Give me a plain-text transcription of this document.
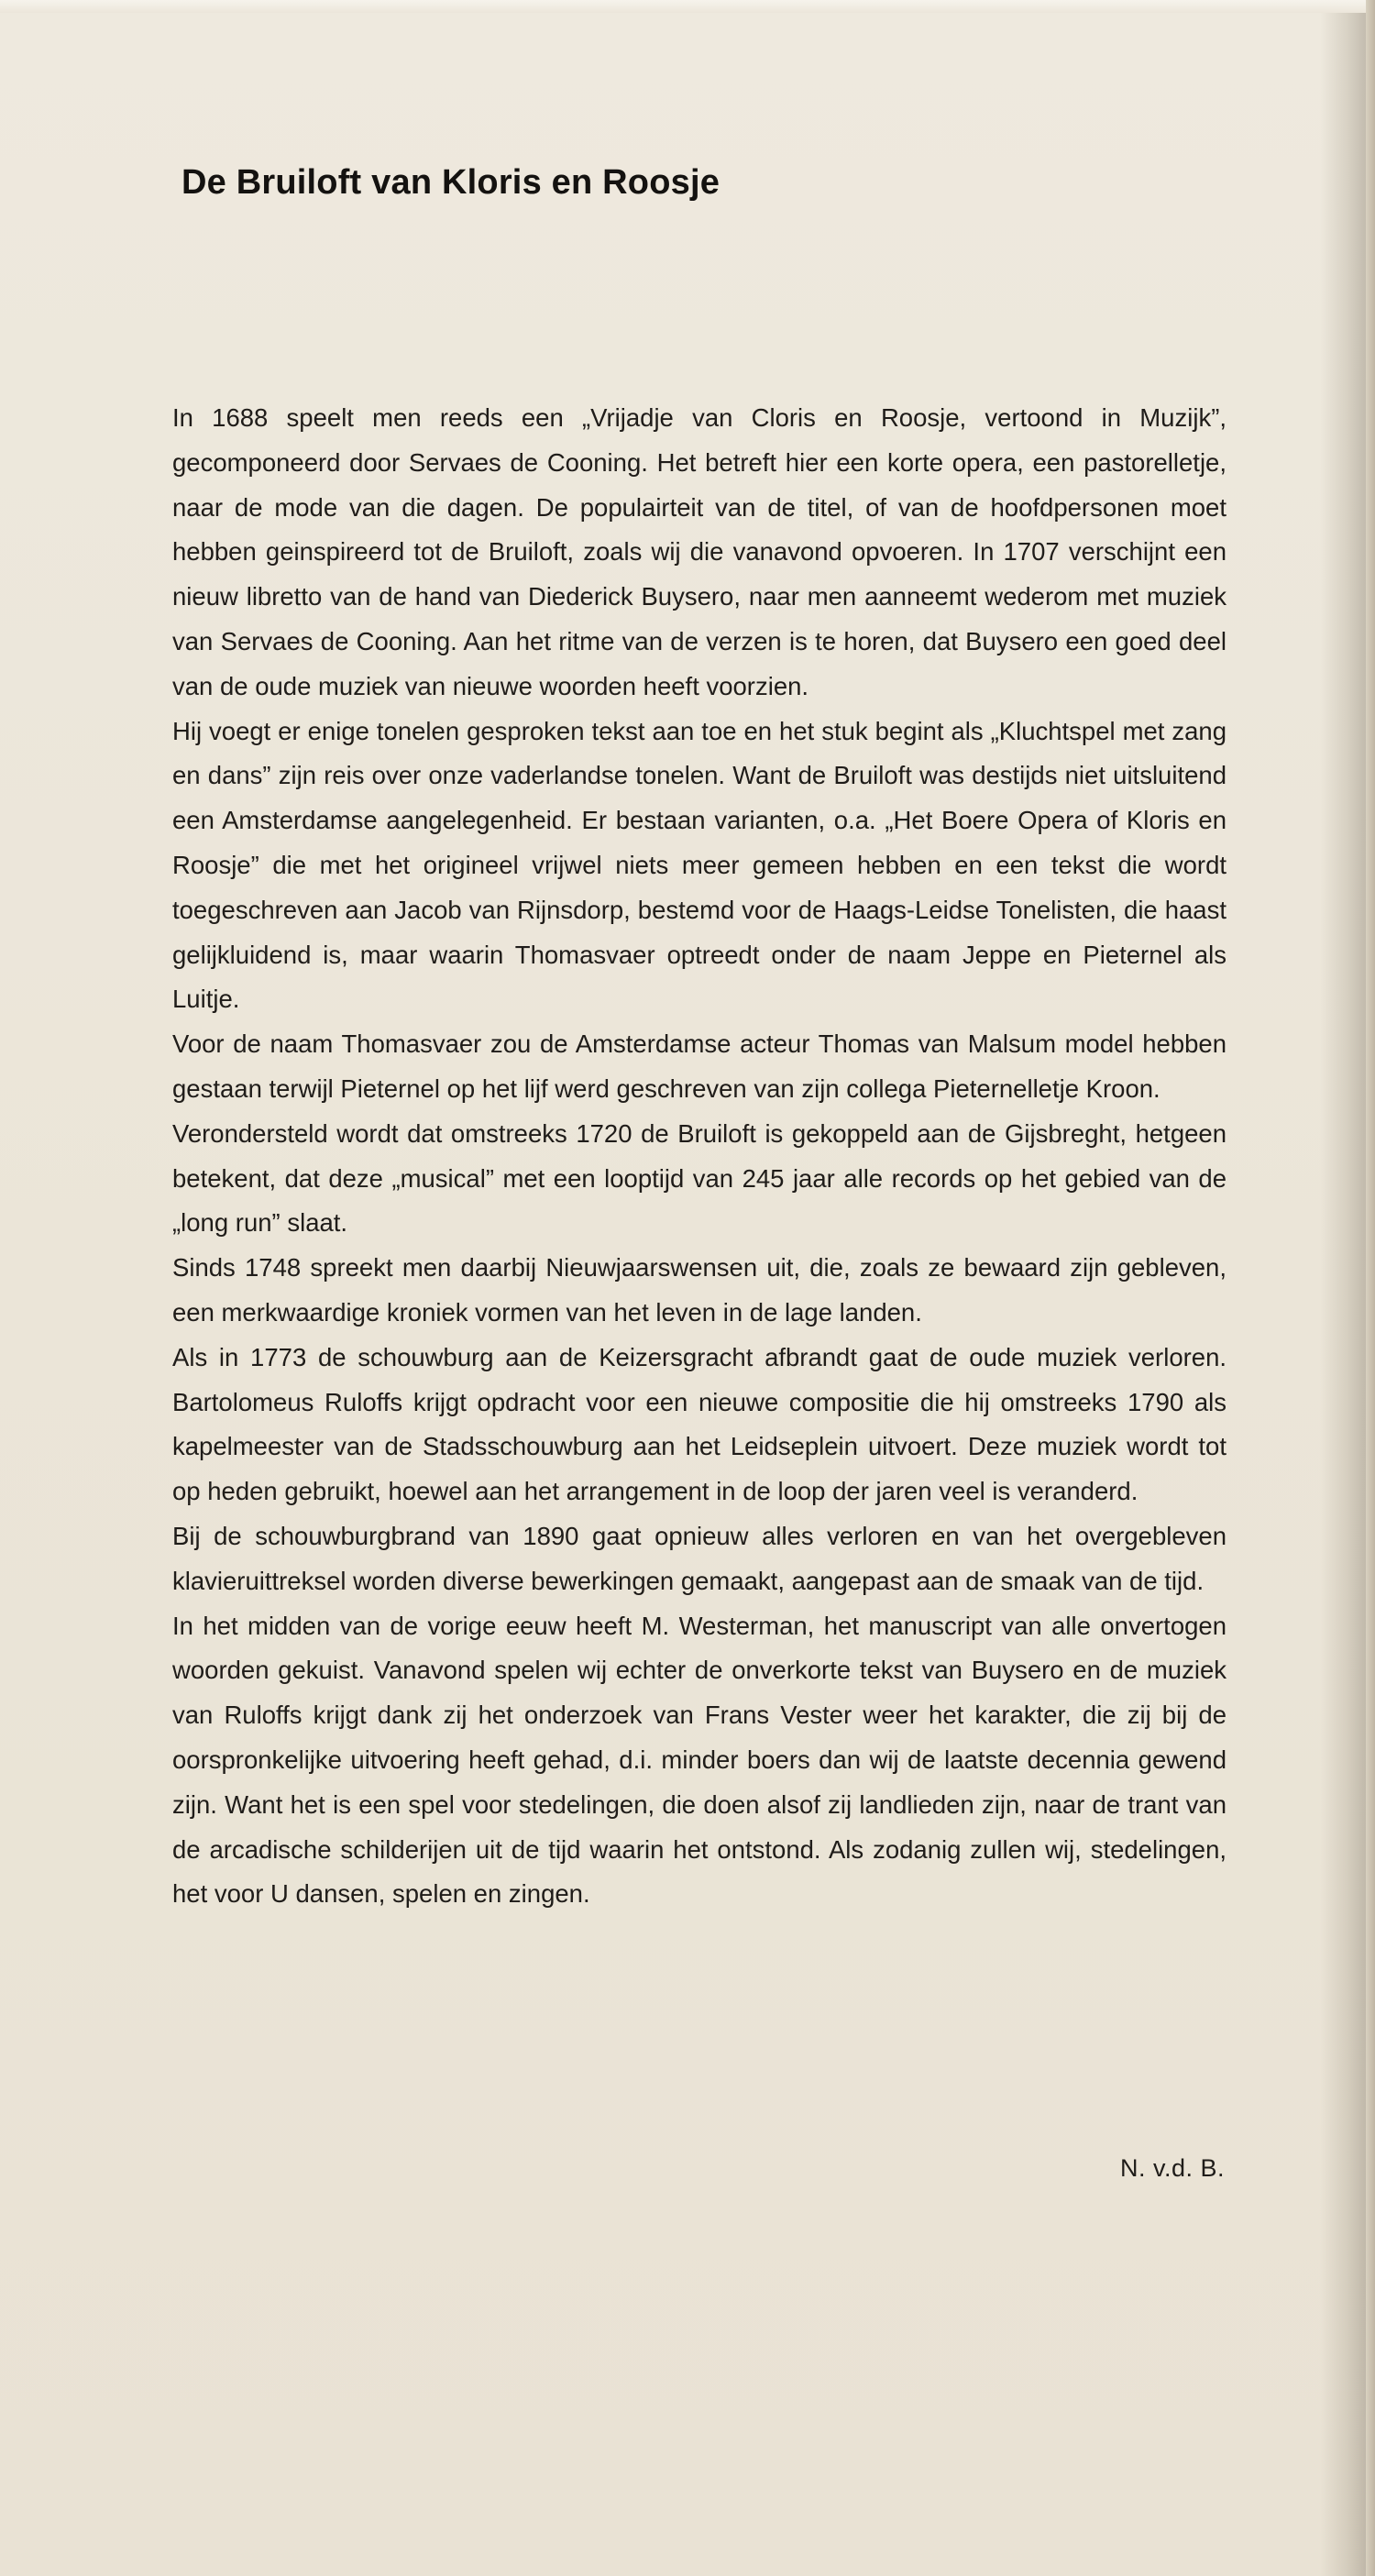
De Bruiloft van Kloris en Roosje

In 1688 speelt men reeds een „Vrijadje van Cloris en Roosje, vertoond in Muzijk”, gecomponeerd door Servaes de Cooning. Het betreft hier een korte opera, een pastorelletje, naar de mode van die dagen. De populairteit van de titel, of van de hoofdpersonen moet hebben geinspireerd tot de Bruiloft, zoals wij die vanavond opvoeren. In 1707 verschijnt een nieuw libretto van de hand van Diederick Buysero, naar men aanneemt wederom met muziek van Servaes de Cooning. Aan het ritme van de verzen is te horen, dat Buysero een goed deel van de oude muziek van nieuwe woorden heeft voorzien.

Hij voegt er enige tonelen gesproken tekst aan toe en het stuk begint als „Kluchtspel met zang en dans” zijn reis over onze vaderlandse tonelen. Want de Bruiloft was destijds niet uitsluitend een Amsterdamse aangelegenheid. Er bestaan varianten, o.a. „Het Boere Opera of Kloris en Roosje” die met het origineel vrijwel niets meer gemeen hebben en een tekst die wordt toegeschreven aan Jacob van Rijnsdorp, bestemd voor de Haags-Leidse Tonelisten, die haast gelijkluidend is, maar waarin Thomasvaer optreedt onder de naam Jeppe en Pieternel als Luitje.

Voor de naam Thomasvaer zou de Amsterdamse acteur Thomas van Malsum model hebben gestaan terwijl Pieternel op het lijf werd geschreven van zijn collega Pieternelletje Kroon.

Verondersteld wordt dat omstreeks 1720 de Bruiloft is gekoppeld aan de Gijsbreght, hetgeen betekent, dat deze „musical” met een looptijd van 245 jaar alle records op het gebied van de „long run” slaat.

Sinds 1748 spreekt men daarbij Nieuwjaarswensen uit, die, zoals ze bewaard zijn gebleven, een merkwaardige kroniek vormen van het leven in de lage landen.

Als in 1773 de schouwburg aan de Keizersgracht afbrandt gaat de oude muziek verloren. Bartolomeus Ruloffs krijgt opdracht voor een nieuwe compositie die hij omstreeks 1790 als kapelmeester van de Stadsschouwburg aan het Leidseplein uitvoert. Deze muziek wordt tot op heden gebruikt, hoewel aan het arrangement in de loop der jaren veel is veranderd.

Bij de schouwburgbrand van 1890 gaat opnieuw alles verloren en van het overgebleven klavieruittreksel worden diverse bewerkingen gemaakt, aangepast aan de smaak van de tijd.

In het midden van de vorige eeuw heeft M. Westerman, het manuscript van alle onvertogen woorden gekuist. Vanavond spelen wij echter de onverkorte tekst van Buysero en de muziek van Ruloffs krijgt dank zij het onderzoek van Frans Vester weer het karakter, die zij bij de oorspronkelijke uitvoering heeft gehad, d.i. minder boers dan wij de laatste decennia gewend zijn. Want het is een spel voor stedelingen, die doen alsof zij landlieden zijn, naar de trant van de arcadische schilderijen uit de tijd waarin het ontstond. Als zodanig zullen wij, stedelingen, het voor U dansen, spelen en zingen.

N. v.d. B.
